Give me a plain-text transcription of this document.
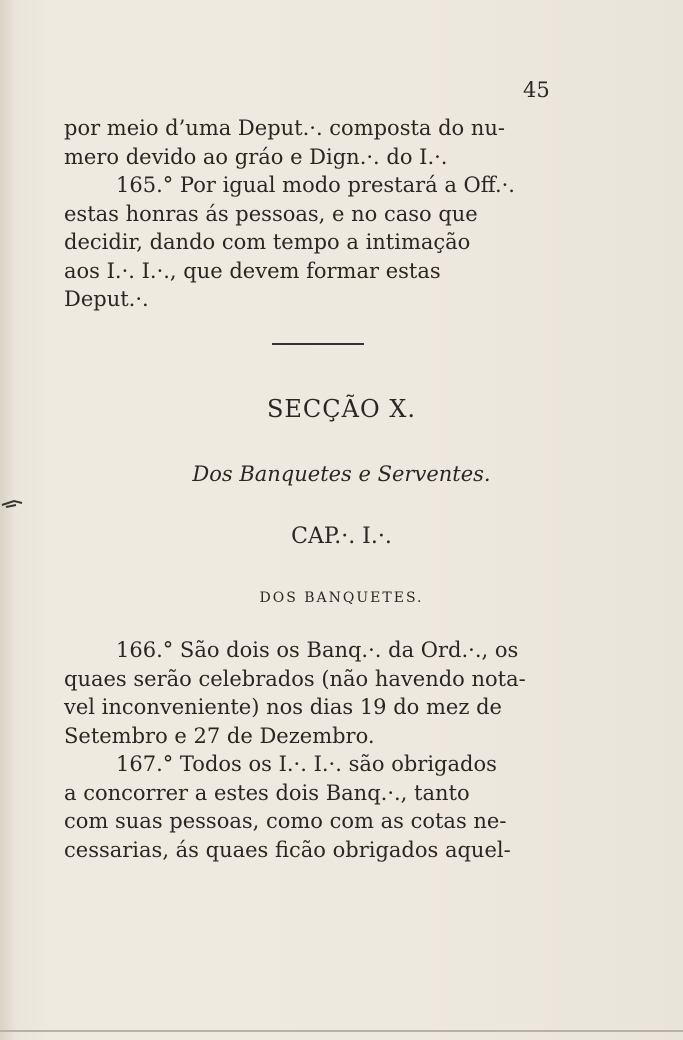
45

por meio d’uma Deput.·. composta do nu-

mero devido ao gráo e Dign.·. do I.·.

165.° Por igual modo prestará a Off.·.

estas honras ás pessoas, e no caso que

decidir, dando com tempo a intimação

aos I.·. I.·., que devem formar estas

Deput.·.

SECÇÃO X.
Dos Banquetes e Serventes.
CAP.·. I.·.
DOS BANQUETES.

166.° São dois os Banq.·. da Ord.·., os

quaes serão celebrados (não havendo nota-

vel inconveniente) nos dias 19 do mez de

Setembro e 27 de Dezembro.

167.° Todos os I.·. I.·. são obrigados

a concorrer a estes dois Banq.·., tanto

com suas pessoas, como com as cotas ne-

cessarias, ás quaes ficão obrigados aquel-
